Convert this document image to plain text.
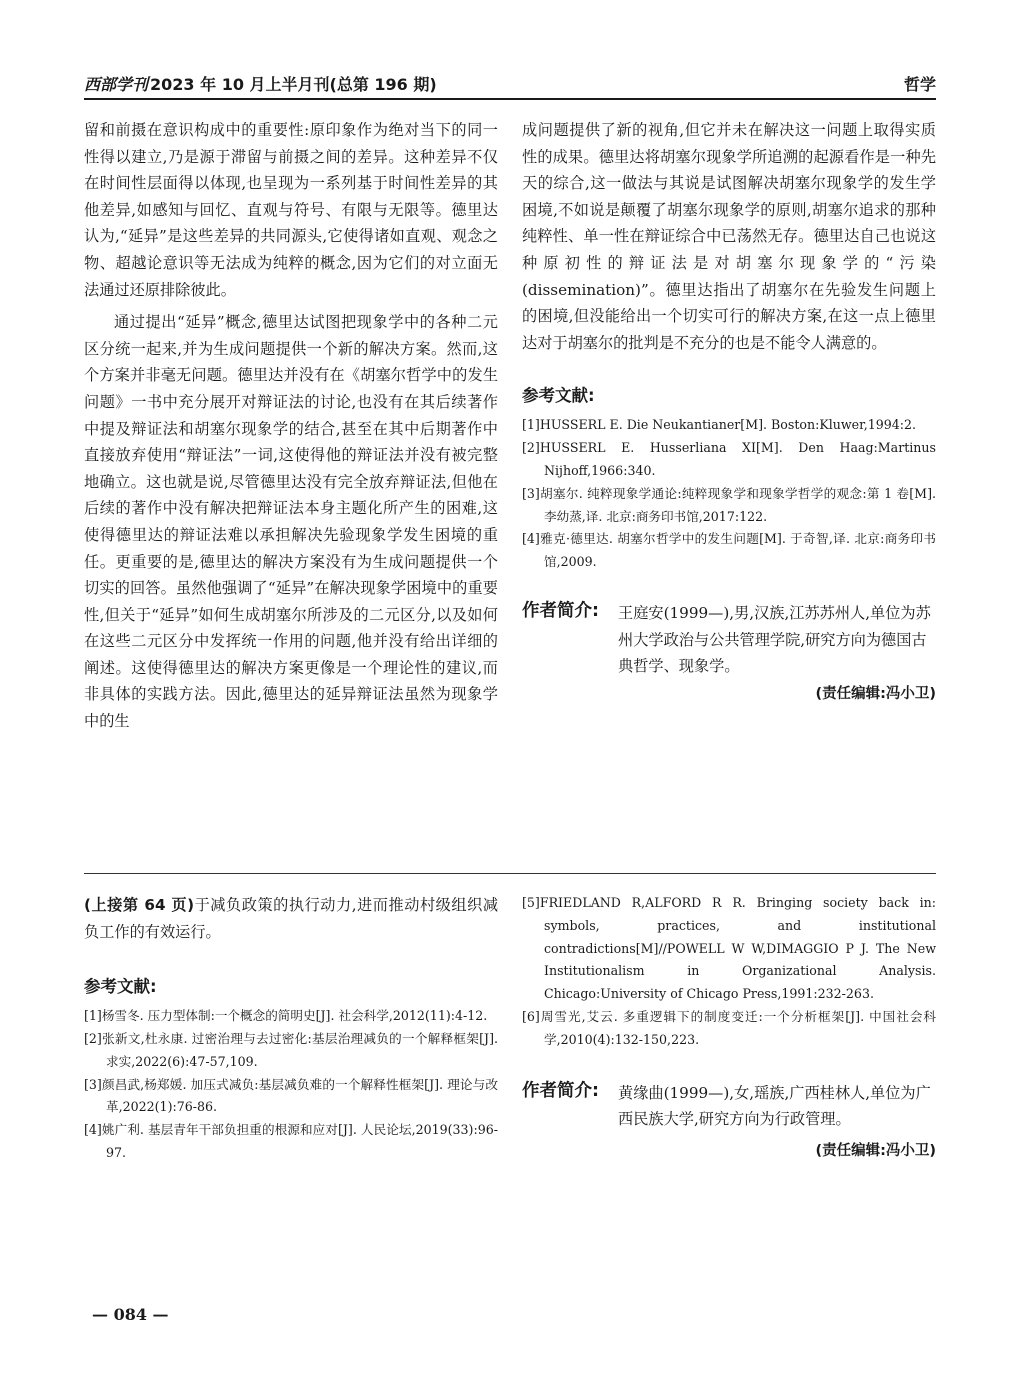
西部学刊 2023 年 10 月上半月刊(总第 196 期)	哲学

留和前摄在意识构成中的重要性:原印象作为绝对当下的同一性得以建立,乃是源于滞留与前摄之间的差异。这种差异不仅在时间性层面得以体现,也呈现为一系列基于时间性差异的其他差异,如感知与回忆、直观与符号、有限与无限等。德里达认为,“延异”是这些差异的共同源头,它使得诸如直观、观念之物、超越论意识等无法成为纯粹的概念,因为它们的对立面无法通过还原排除彼此。

通过提出“延异”概念,德里达试图把现象学中的各种二元区分统一起来,并为生成问题提供一个新的解决方案。然而,这个方案并非毫无问题。德里达并没有在《胡塞尔哲学中的发生问题》一书中充分展开对辩证法的讨论,也没有在其后续著作中提及辩证法和胡塞尔现象学的结合,甚至在其中后期著作中直接放弃使用“辩证法”一词,这使得他的辩证法并没有被完整地确立。这也就是说,尽管德里达没有完全放弃辩证法,但他在后续的著作中没有解决把辩证法本身主题化所产生的困难,这使得德里达的辩证法难以承担解决先验现象学发生困境的重任。更重要的是,德里达的解决方案没有为生成问题提供一个切实的回答。虽然他强调了“延异”在解决现象学困境中的重要性,但关于“延异”如何生成胡塞尔所涉及的二元区分,以及如何在这些二元区分中发挥统一作用的问题,他并没有给出详细的阐述。这使得德里达的解决方案更像是一个理论性的建议,而非具体的实践方法。因此,德里达的延异辩证法虽然为现象学中的生

成问题提供了新的视角,但它并未在解决这一问题上取得实质性的成果。德里达将胡塞尔现象学所追溯的起源看作是一种先天的综合,这一做法与其说是试图解决胡塞尔现象学的发生学困境,不如说是颠覆了胡塞尔现象学的原则,胡塞尔追求的那种纯粹性、单一性在辩证综合中已荡然无存。德里达自己也说这种原初性的辩证法是对胡塞尔现象学的“污染(dissemination)”。德里达指出了胡塞尔在先验发生问题上的困境,但没能给出一个切实可行的解决方案,在这一点上德里达对于胡塞尔的批判是不充分的也是不能令人满意的。

参考文献:

[1]HUSSERL E. Die Neukantianer[M]. Boston:Kluwer,1994:2.
[2]HUSSERL E. Husserliana XI[M]. Den Haag:Martinus Nijhoff,1966:340.
[3]胡塞尔. 纯粹现象学通论:纯粹现象学和现象学哲学的观念:第 1 卷[M]. 李幼蒸,译. 北京:商务印书馆,2017:122.
[4]雅克·德里达. 胡塞尔哲学中的发生问题[M]. 于奇智,译. 北京:商务印书馆,2009.
作者简介:	王庭安(1999—),男,汉族,江苏苏州人,单位为苏州大学政治与公共管理学院,研究方向为德国古典哲学、现象学。

(责任编辑:冯小卫)

(上接第 64 页)于减负政策的执行动力,进而推动村级组织减负工作的有效运行。

参考文献:

[1]杨雪冬. 压力型体制:一个概念的简明史[J]. 社会科学,2012(11):4-12.
[2]张新文,杜永康. 过密治理与去过密化:基层治理减负的一个解释框架[J]. 求实,2022(6):47-57,109.
[3]颜昌武,杨郑媛. 加压式减负:基层减负难的一个解释性框架[J]. 理论与改革,2022(1):76-86.
[4]姚广利. 基层青年干部负担重的根源和应对[J]. 人民论坛,2019(33):96-97.
[5]FRIEDLAND R,ALFORD R R. Bringing society back in: symbols, practices, and institutional contradictions[M]//POWELL W W,DIMAGGIO P J. The New Institutionalism in Organizational Analysis. Chicago:University of Chicago Press,1991:232-263.
[6]周雪光,艾云. 多重逻辑下的制度变迁:一个分析框架[J]. 中国社会科学,2010(4):132-150,223.
作者简介:	黄缘曲(1999—),女,瑶族,广西桂林人,单位为广西民族大学,研究方向为行政管理。

(责任编辑:冯小卫)

— 084 —
